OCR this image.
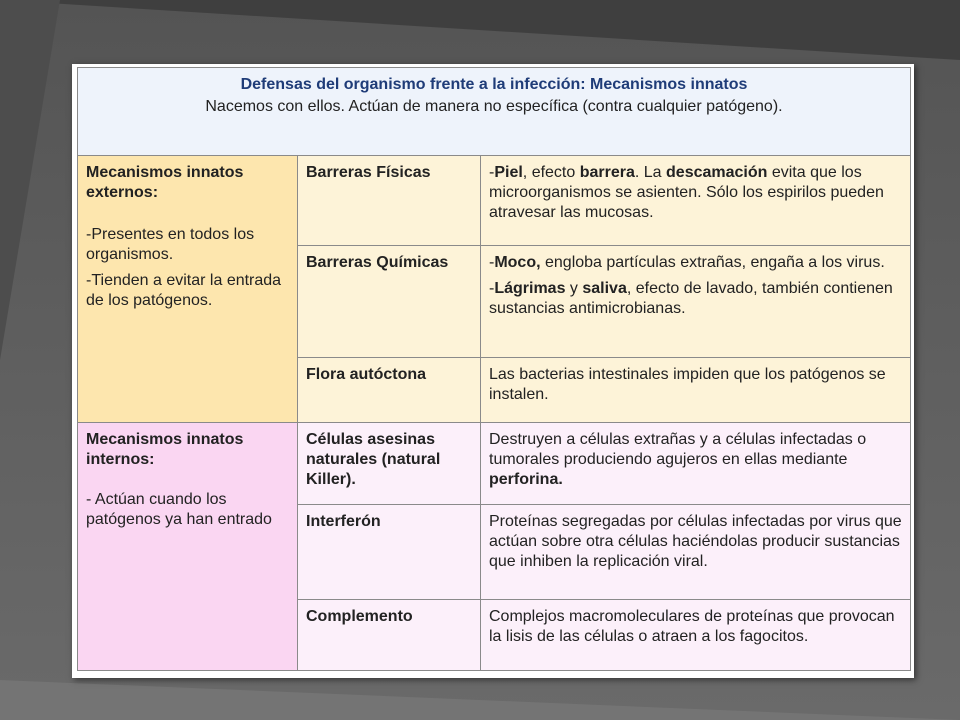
Defensas del organismo frente a la infección: Mecanismos innatos
Nacemos con ellos. Actúan de manera no específica (contra cualquier patógeno).		

Mecanismos innatos externos:
-Presentes en todos los organismos.
-Tienden a evitar la entrada de los patógenos.	Barreras Físicas	-Piel, efecto barrera. La descamación evita que los microorganismos se asienten. Sólo los espirilos pueden atravesar las mucosas.

	Barreras Químicas	-Moco, engloba partículas extrañas, engaña a los virus.

-Lágrimas y saliva, efecto de lavado, también contienen sustancias antimicrobianas.

	Flora autóctona	Las bacterias intestinales impiden que los patógenos se instalen.

Mecanismos innatos internos:
- Actúan cuando los patógenos ya han entrado	Células asesinas naturales (natural Killer).	Destruyen a células extrañas y a células infectadas o tumorales produciendo agujeros en ellas mediante perforina.

	Interferón	Proteínas segregadas por células infectadas por virus que actúan sobre otra células haciéndolas producir sustancias que inhiben la replicación viral.

	Complemento	Complejos macromoleculares de proteínas que provocan la lisis de las células o atraen a los fagocitos.
